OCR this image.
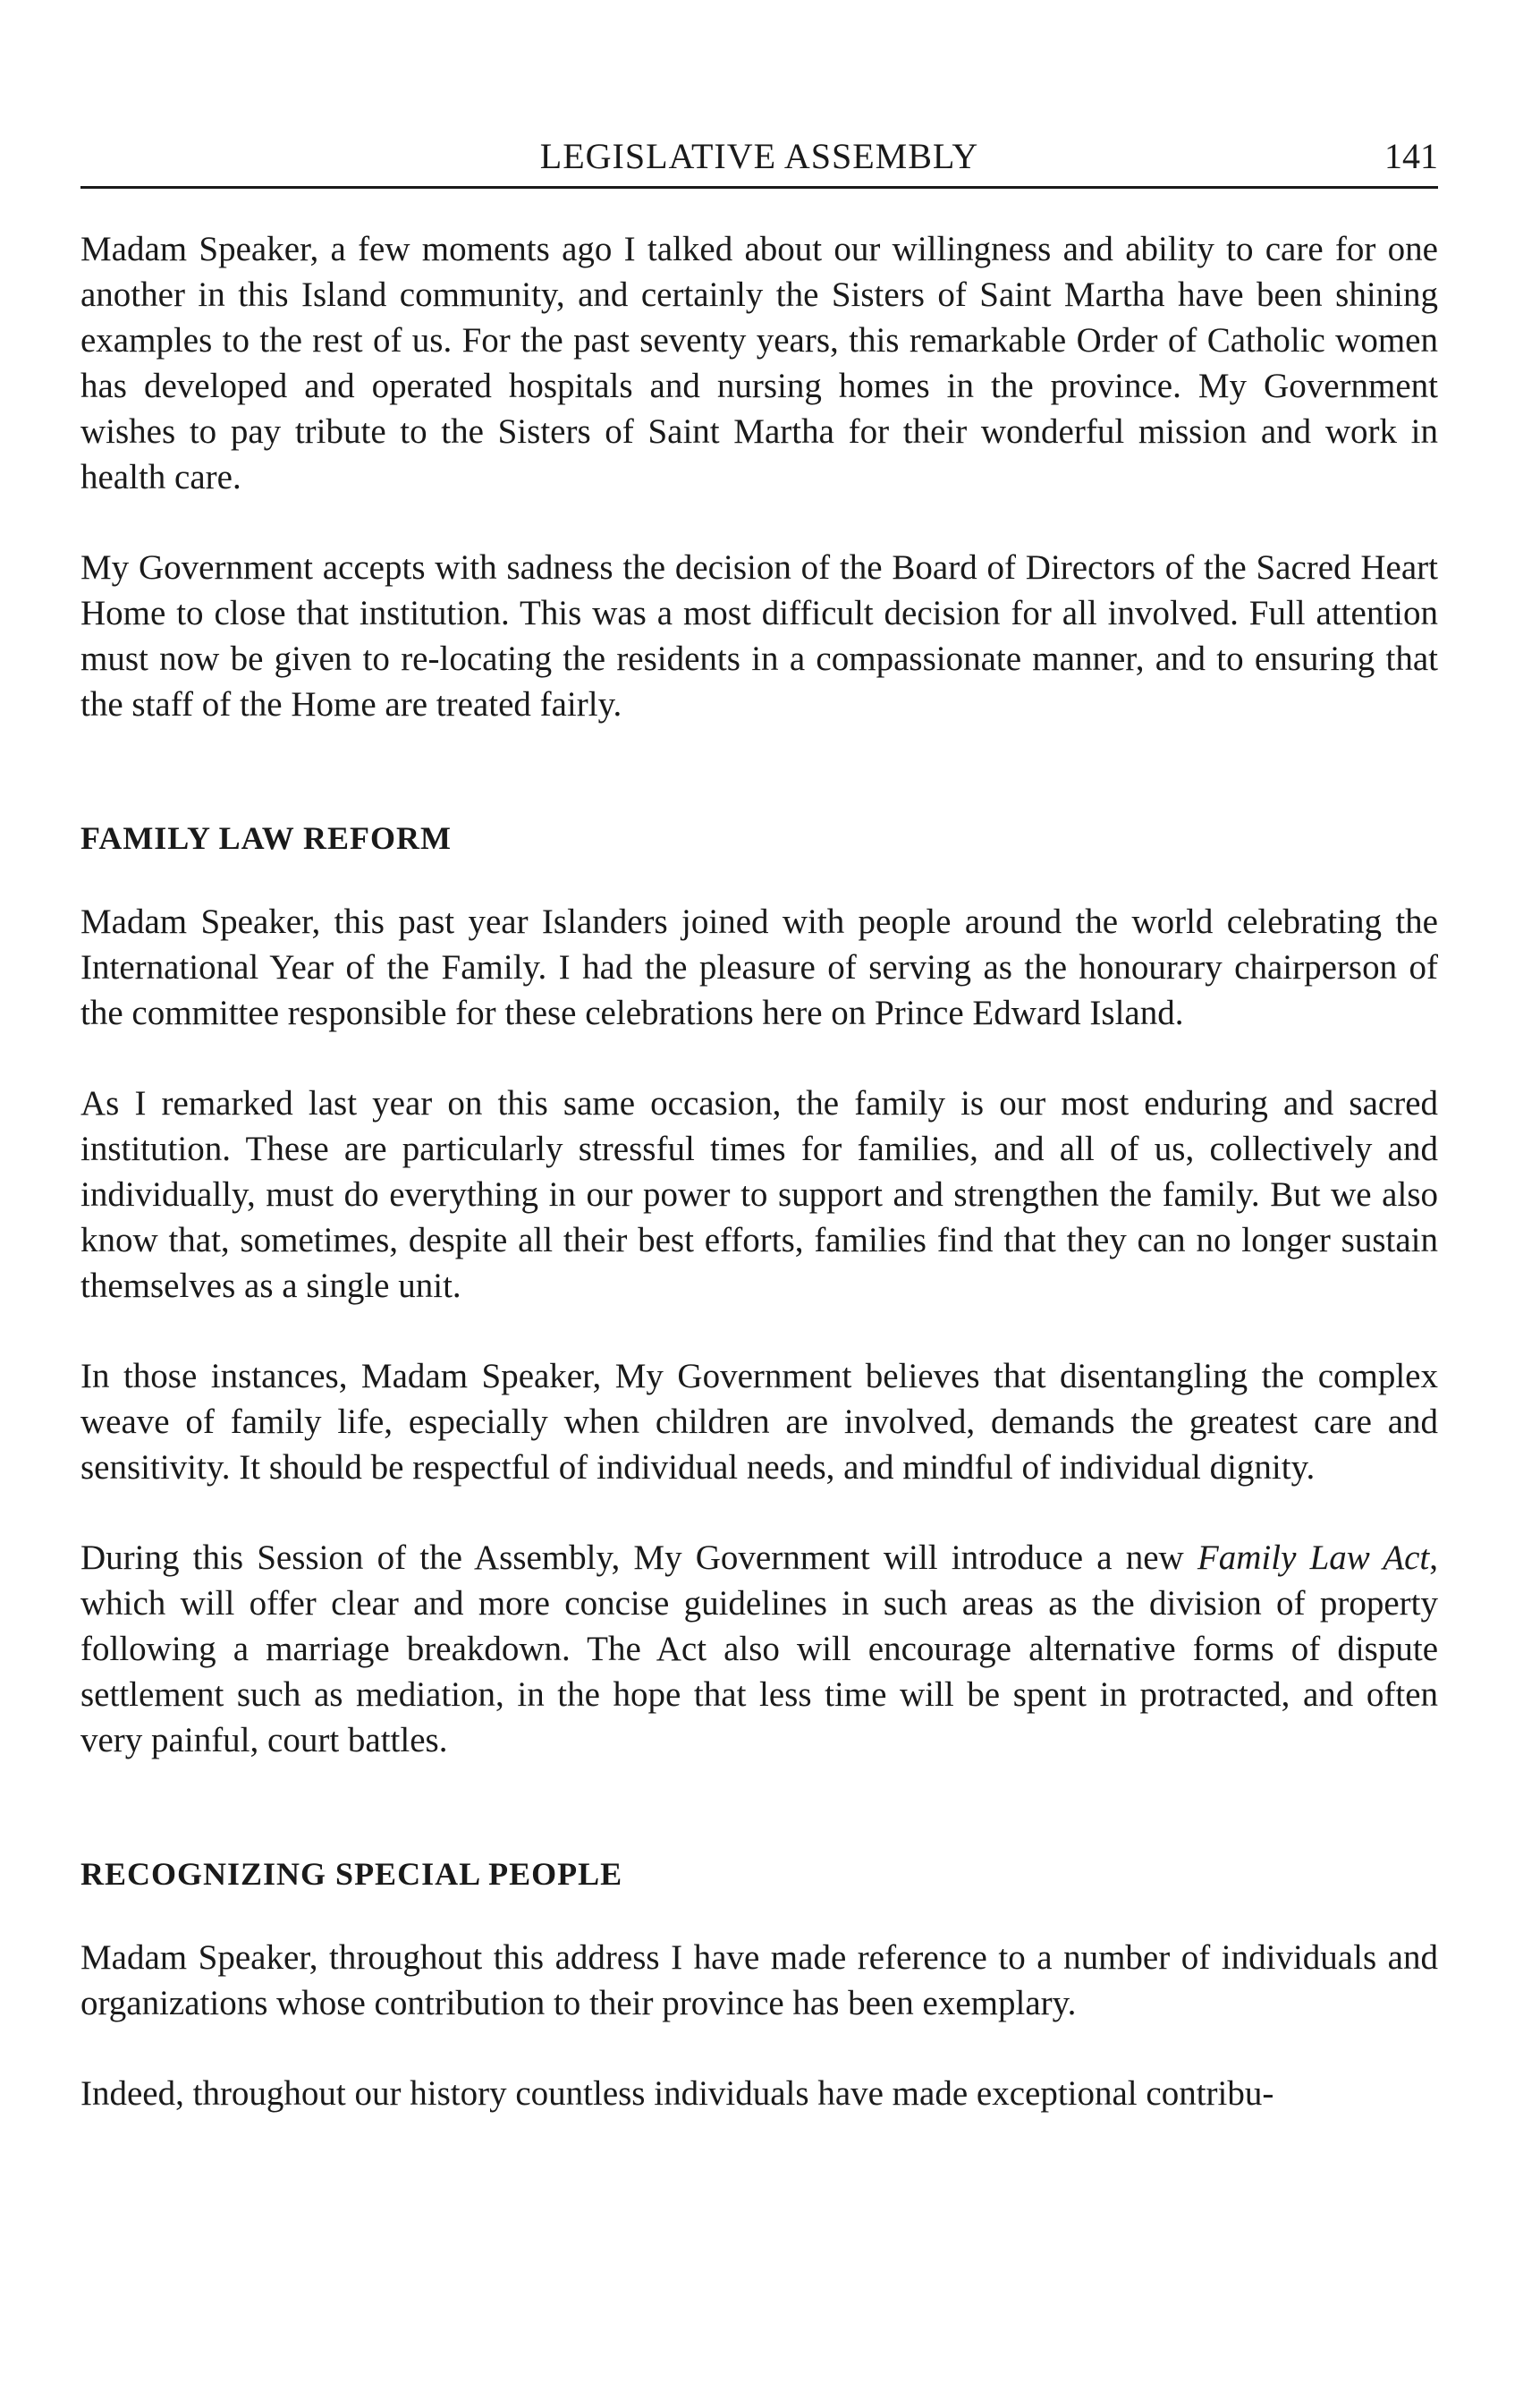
LEGISLATIVE ASSEMBLY	141

Madam Speaker, a few moments ago I talked about our willingness and ability to care for one another in this Island community, and certainly the Sisters of Saint Martha have been shining examples to the rest of us. For the past seventy years, this remarkable Order of Catholic women has developed and operated hospitals and nursing homes in the province. My Government wishes to pay tribute to the Sisters of Saint Martha for their wonderful mission and work in health care.

My Government accepts with sadness the decision of the Board of Directors of the Sacred Heart Home to close that institution. This was a most difficult decision for all involved. Full attention must now be given to re-locating the residents in a compassionate manner, and to ensuring that the staff of the Home are treated fairly.

FAMILY LAW REFORM

Madam Speaker, this past year Islanders joined with people around the world celebrating the International Year of the Family. I had the pleasure of serving as the honourary chairperson of the committee responsible for these celebrations here on Prince Edward Island.

As I remarked last year on this same occasion, the family is our most enduring and sacred institution. These are particularly stressful times for families, and all of us, collectively and individually, must do everything in our power to support and strengthen the family. But we also know that, sometimes, despite all their best efforts, families find that they can no longer sustain themselves as a single unit.

In those instances, Madam Speaker, My Government believes that disentangling the complex weave of family life, especially when children are involved, demands the greatest care and sensitivity. It should be respectful of individual needs, and mindful of individual dignity.

During this Session of the Assembly, My Government will introduce a new Family Law Act, which will offer clear and more concise guidelines in such areas as the division of property following a marriage breakdown. The Act also will encourage alternative forms of dispute settlement such as mediation, in the hope that less time will be spent in protracted, and often very painful, court battles.

RECOGNIZING SPECIAL PEOPLE

Madam Speaker, throughout this address I have made reference to a number of individuals and organizations whose contribution to their province has been exemplary.

Indeed, throughout our history countless individuals have made exceptional contribu-
